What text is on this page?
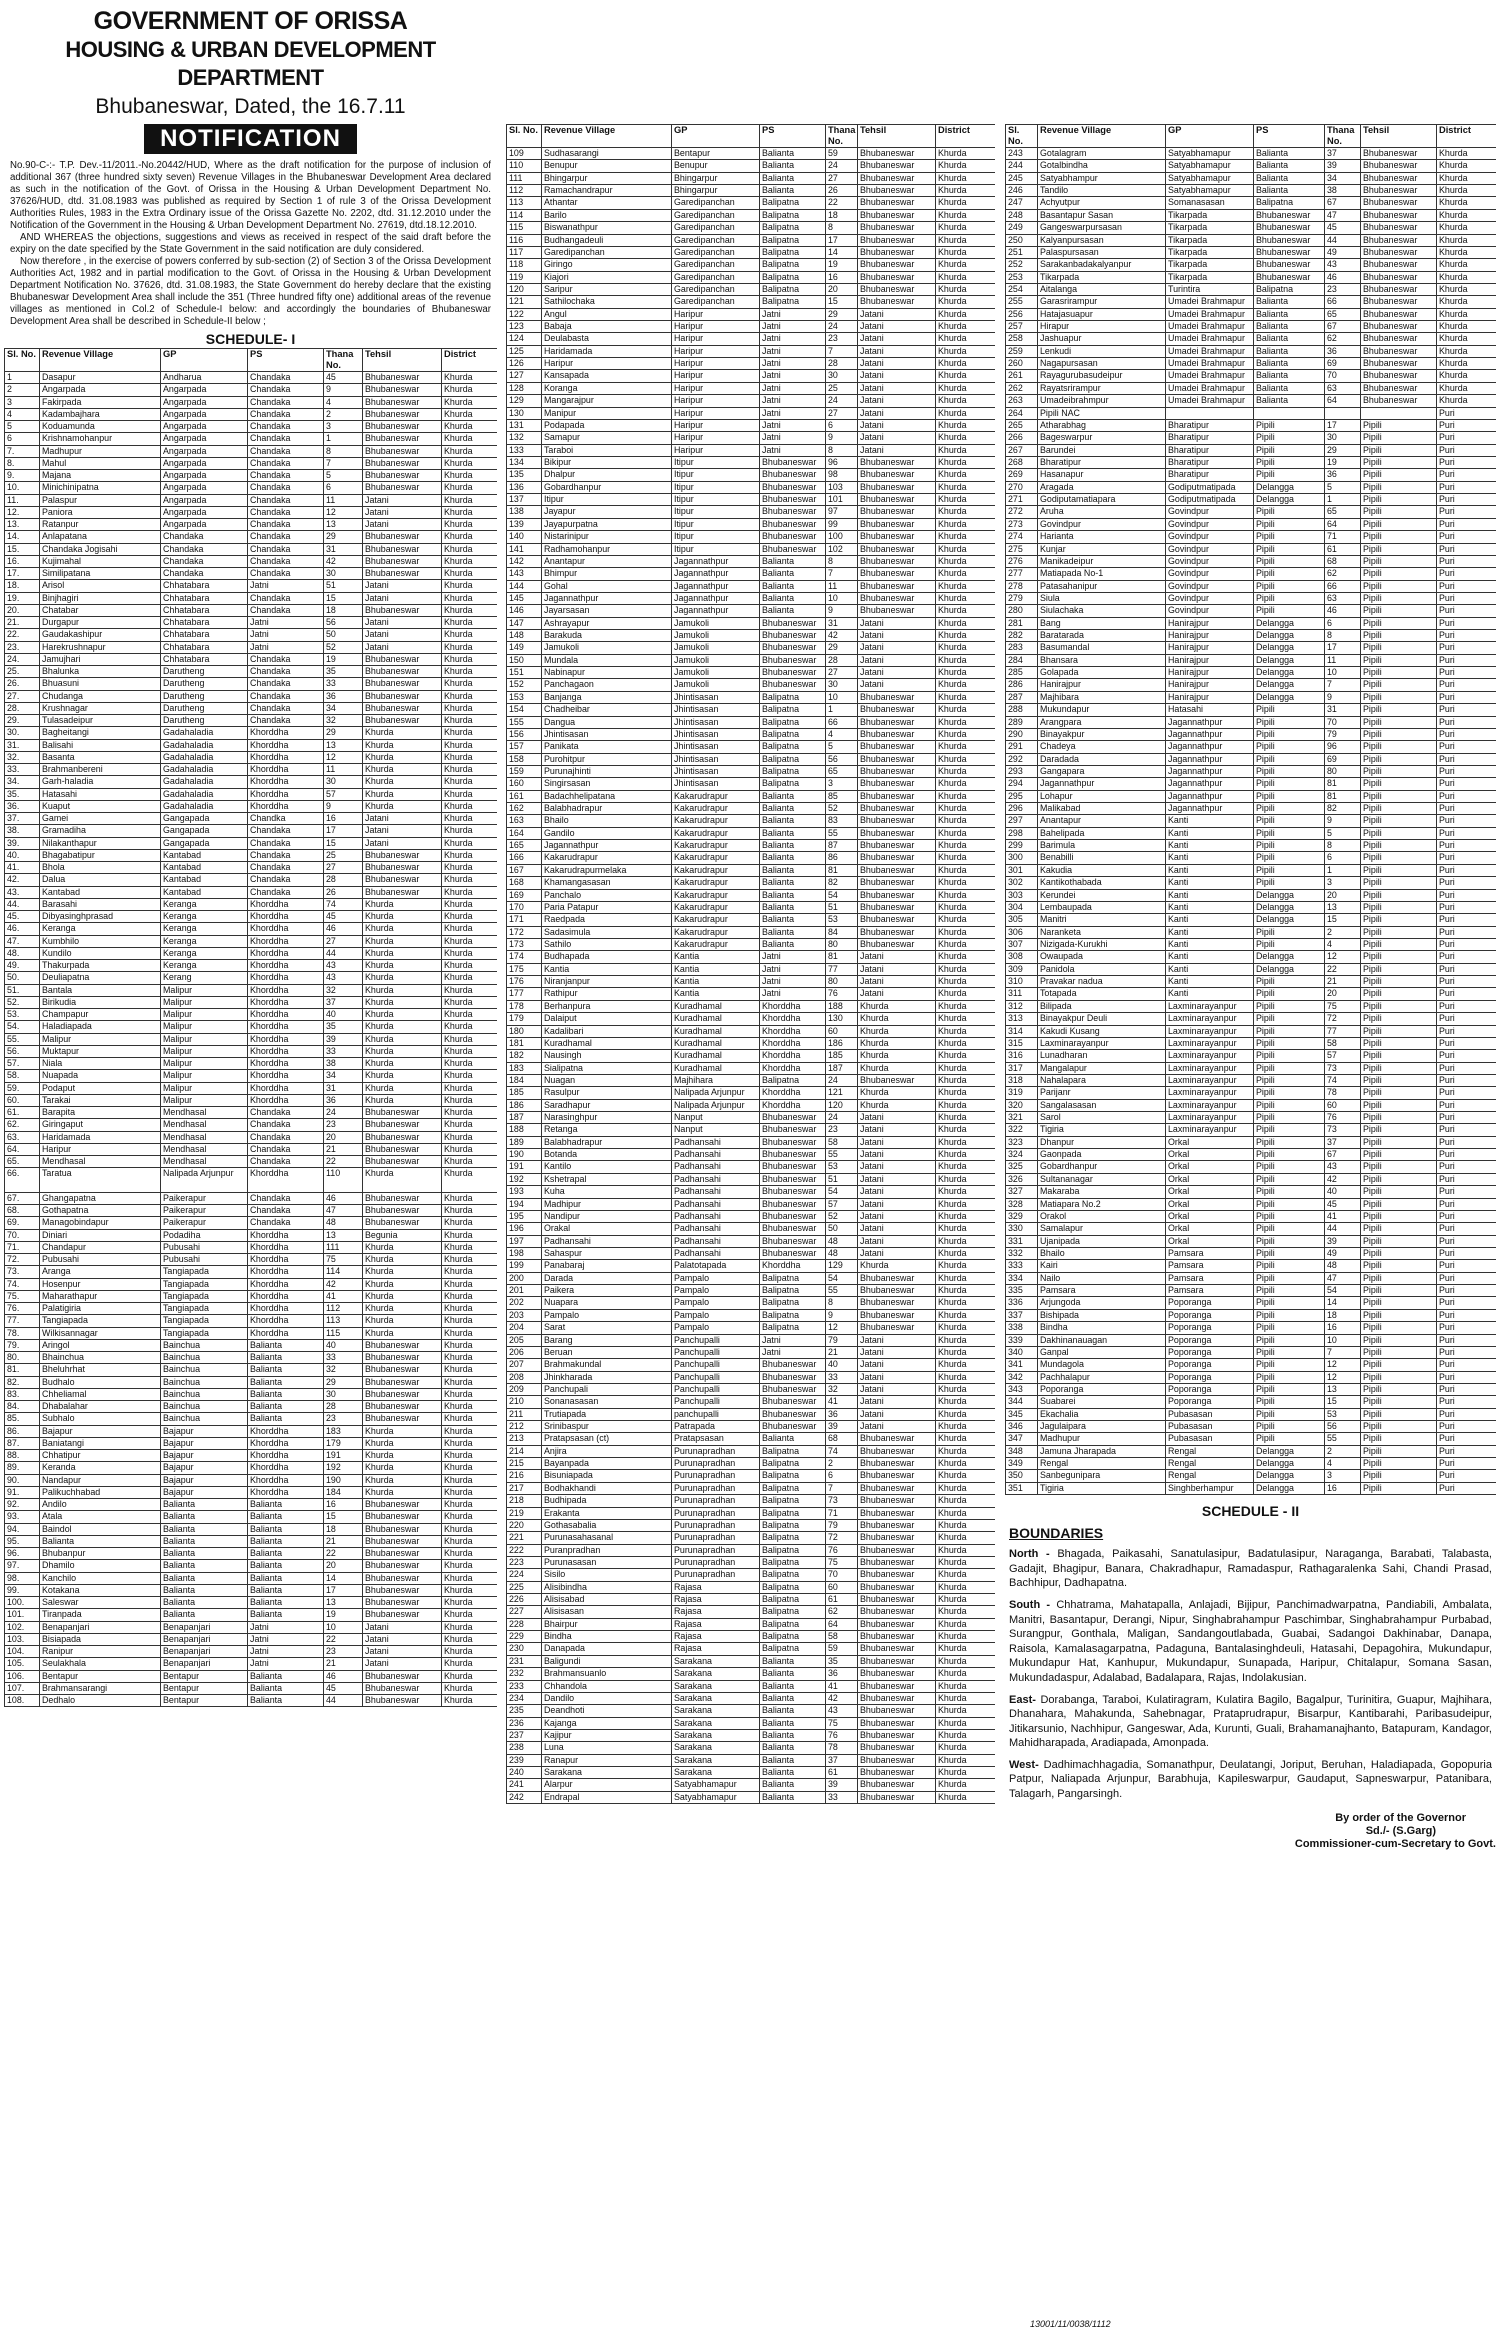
GOVERNMENT OF ORISSA
HOUSING & URBAN DEVELOPMENT DEPARTMENT
Bhubaneswar, Dated, the 16.7.11
NOTIFICATION

No.90-C-:- T.P. Dev.-11/2011.-No.20442/HUD, Where as the draft notification for the purpose of inclusion of additional 367 (three hundred sixty seven) Revenue Villages in the Bhubaneswar Development Area declared as such in the notification of the Govt. of Orissa in the Housing & Urban Development Department No. 37626/HUD, dtd. 31.08.1983 was published as required by Section 1 of rule 3 of the Orissa Development Authorities Rules, 1983 in the Extra Ordinary issue of the Orissa Gazette No. 2202, dtd. 31.12.2010 under the Notification of the Government in the Housing & Urban Development Department No. 27619, dtd.18.12.2010.

AND WHEREAS the objections, suggestions and views as received in respect of the said draft before the expiry on the date specified by the State Government in the said notification are duly considered.

Now therefore , in the exercise of powers conferred by sub-section (2) of Section 3 of the Orissa Development Authorities Act, 1982 and in partial modification to the Govt. of Orissa in the Housing & Urban Development Department Notification No. 37626, dtd. 31.08.1983, the State Government do hereby declare that the existing Bhubaneswar Development Area shall include the 351 (Three hundred fifty one) additional areas of the revenue villages as mentioned in Col.2 of Schedule-I below: and accordingly the boundaries of Bhubaneswar Development Area shall be described in Schedule-II below ;

SCHEDULE- I
Sl. No.	Revenue Village	GP	PS	Thana No.	Tehsil	District
1	Dasapur	Andharua	Chandaka	45	Bhubaneswar	Khurda
2	Angarpada	Angarpada	Chandaka	9	Bhubaneswar	Khurda
3	Fakirpada	Angarpada	Chandaka	4	Bhubaneswar	Khurda
4	Kadambajhara	Angarpada	Chandaka	2	Bhubaneswar	Khurda
5	Koduamunda	Angarpada	Chandaka	3	Bhubaneswar	Khurda
6	Krishnamohanpur	Angarpada	Chandaka	1	Bhubaneswar	Khurda
7.	Madhupur	Angarpada	Chandaka	8	Bhubaneswar	Khurda
8.	Mahul	Angarpada	Chandaka	7	Bhubaneswar	Khurda
9.	Majana	Angarpada	Chandaka	5	Bhubaneswar	Khurda
10.	Minichinipatna	Angarpada	Chandaka	6	Bhubaneswar	Khurda
11.	Palaspur	Angarpada	Chandaka	11	Jatani	Khurda
12.	Paniora	Angarpada	Chandaka	12	Jatani	Khurda
13.	Ratanpur	Angarpada	Chandaka	13	Jatani	Khurda
14.	Anlapatana	Chandaka	Chandaka	29	Bhubaneswar	Khurda
15.	Chandaka Jogisahi	Chandaka	Chandaka	31	Bhubaneswar	Khurda
16.	Kujimahal	Chandaka	Chandaka	42	Bhubaneswar	Khurda
17.	Similipatana	Chandaka	Chandaka	30	Bhubaneswar	Khurda
18.	Arisol	Chhatabara	Jatni	51	Jatani	Khurda
19.	Binjhagiri	Chhatabara	Chandaka	15	Jatani	Khurda
20.	Chatabar	Chhatabara	Chandaka	18	Bhubaneswar	Khurda
21.	Durgapur	Chhatabara	Jatni	56	Jatani	Khurda
22.	Gaudakashipur	Chhatabara	Jatni	50	Jatani	Khurda
23.	Harekrushnapur	Chhatabara	Jatni	52	Jatani	Khurda
24.	Jamujhari	Chhatabara	Chandaka	19	Bhubaneswar	Khurda
25.	Bhalunka	Darutheng	Chandaka	35	Bhubaneswar	Khurda
26.	Bhuasuni	Darutheng	Chandaka	33	Bhubaneswar	Khurda
27.	Chudanga	Darutheng	Chandaka	36	Bhubaneswar	Khurda
28.	Krushnagar	Darutheng	Chandaka	34	Bhubaneswar	Khurda
29.	Tulasadeipur	Darutheng	Chandaka	32	Bhubaneswar	Khurda
30.	Bagheitangi	Gadahaladia	Khorddha	29	Khurda	Khurda
31.	Balisahi	Gadahaladia	Khorddha	13	Khurda	Khurda
32.	Basanta	Gadahaladia	Khorddha	12	Khurda	Khurda
33.	Brahmanbereni	Gadahaladia	Khorddha	11	Khurda	Khurda
34.	Garh-haladia	Gadahaladia	Khorddha	30	Khurda	Khurda
35.	Hatasahi	Gadahaladia	Khorddha	57	Khurda	Khurda
36.	Kuaput	Gadahaladia	Khorddha	9	Khurda	Khurda
37.	Gamei	Gangapada	Chandka	16	Jatani	Khurda
38.	Gramadiha	Gangapada	Chandaka	17	Jatani	Khurda
39.	Nilakanthapur	Gangapada	Chandaka	15	Jatani	Khurda
40.	Bhagabatipur	Kantabad	Chandaka	25	Bhubaneswar	Khurda
41.	Bhola	Kantabad	Chandaka	27	Bhubaneswar	Khurda
42.	Dalua	Kantabad	Chandaka	28	Bhubaneswar	Khurda
43.	Kantabad	Kantabad	Chandaka	26	Bhubaneswar	Khurda
44.	Barasahi	Keranga	Khorddha	74	Khurda	Khurda
45.	Dibyasinghprasad	Keranga	Khorddha	45	Khurda	Khurda
46.	Keranga	Keranga	Khorddha	46	Khurda	Khurda
47.	Kumbhilo	Keranga	Khorddha	27	Khurda	Khurda
48.	Kundilo	Keranga	Khorddha	44	Khurda	Khurda
49.	Thakurpada	Keranga	Khorddha	43	Khurda	Khurda
50.	Deuliapatna	Kerang	Khorddha	43	Khurda	Khurda
51.	Bantala	Malipur	Khorddha	32	Khurda	Khurda
52.	Birikudia	Malipur	Khorddha	37	Khurda	Khurda
53.	Champapur	Malipur	Khorddha	40	Khurda	Khurda
54.	Haladiapada	Malipur	Khorddha	35	Khurda	Khurda
55.	Malipur	Malipur	Khorddha	39	Khurda	Khurda
56.	Muktapur	Malipur	Khorddha	33	Khurda	Khurda
57.	Niala	Malipur	Khorddha	38	Khurda	Khurda
58.	Nuapada	Malipur	Khorddha	34	Khurda	Khurda
59.	Podaput	Malipur	Khorddha	31	Khurda	Khurda
60.	Tarakai	Malipur	Khorddha	36	Khurda	Khurda
61.	Barapita	Mendhasal	Chandaka	24	Bhubaneswar	Khurda
62.	Giringaput	Mendhasal	Chandaka	23	Bhubaneswar	Khurda
63.	Haridamada	Mendhasal	Chandaka	20	Bhubaneswar	Khurda
64.	Haripur	Mendhasal	Chandaka	21	Bhubaneswar	Khurda
65.	Mendhasal	Mendhasal	Chandaka	22	Bhubaneswar	Khurda
66.	Taratua	Nalipada Arjunpur	Khorddha	110	Khurda	Khurda
67.	Ghangapatna	Paikerapur	Chandaka	46	Bhubaneswar	Khurda
68.	Gothapatna	Paikerapur	Chandaka	47	Bhubaneswar	Khurda
69.	Managobindapur	Paikerapur	Chandaka	48	Bhubaneswar	Khurda
70.	Diniari	Podadiha	Khorddha	13	Begunia	Khurda
71.	Chandapur	Pubusahi	Khorddha	111	Khurda	Khurda
72.	Pubusahi	Pubusahi	Khorddha	75	Khurda	Khurda
73.	Aranga	Tangiapada	Khorddha	114	Khurda	Khurda
74.	Hosenpur	Tangiapada	Khorddha	42	Khurda	Khurda
75.	Maharathapur	Tangiapada	Khorddha	41	Khurda	Khurda
76.	Palatigiria	Tangiapada	Khorddha	112	Khurda	Khurda
77.	Tangiapada	Tangiapada	Khorddha	113	Khurda	Khurda
78.	Wilkisannagar	Tangiapada	Khorddha	115	Khurda	Khurda
79.	Aringol	Bainchua	Balianta	40	Bhubaneswar	Khurda
80.	Bhainchua	Bainchua	Balianta	33	Bhubaneswar	Khurda
81.	Bheluhrhat	Bainchua	Balianta	32	Bhubaneswar	Khurda
82.	Budhalo	Bainchua	Balianta	29	Bhubaneswar	Khurda
83.	Chheliamal	Bainchua	Balianta	30	Bhubaneswar	Khurda
84.	Dhabalahar	Bainchua	Balianta	28	Bhubaneswar	Khurda
85.	Subhalo	Bainchua	Balianta	23	Bhubaneswar	Khurda
86.	Bajapur	Bajapur	Khorddha	183	Khurda	Khurda
87.	Baniatangi	Bajapur	Khorddha	179	Khurda	Khurda
88.	Chhatipur	Bajapur	Khorddha	191	Khurda	Khurda
89.	Keranda	Bajapur	Khorddha	192	Khurda	Khurda
90.	Nandapur	Bajapur	Khorddha	190	Khurda	Khurda
91.	Palikuchhabad	Bajapur	Khorddha	184	Khurda	Khurda
92.	Andilo	Balianta	Balianta	16	Bhubaneswar	Khurda
93.	Atala	Balianta	Balianta	15	Bhubaneswar	Khurda
94.	Baindol	Balianta	Balianta	18	Bhubaneswar	Khurda
95.	Balianta	Balianta	Balianta	21	Bhubaneswar	Khurda
96.	Bhubanpur	Balianta	Balianta	22	Bhubaneswar	Khurda
97.	Dhamilo	Balianta	Balianta	20	Bhubaneswar	Khurda
98.	Kanchilo	Balianta	Balianta	14	Bhubaneswar	Khurda
99.	Kotakana	Balianta	Balianta	17	Bhubaneswar	Khurda
100.	Saleswar	Balianta	Balianta	13	Bhubaneswar	Khurda
101.	Tiranpada	Balianta	Balianta	19	Bhubaneswar	Khurda
102.	Benapanjari	Benapanjari	Jatni	10	Jatani	Khurda
103.	Bisiapada	Benapanjari	Jatni	22	Jatani	Khurda
104.	Ranipur	Benapanjari	Jatni	23	Jatani	Khurda
105.	Seulakhala	Benapanjari	Jatni	21	Jatani	Khurda
106.	Bentapur	Bentapur	Balianta	46	Bhubaneswar	Khurda
107.	Brahmansarangi	Bentapur	Balianta	45	Bhubaneswar	Khurda
108.	Dedhalo	Bentapur	Balianta	44	Bhubaneswar	Khurda
Sl. No.	Revenue Village	GP	PS	Thana No.	Tehsil	District
109	Sudhasarangi	Bentapur	Balianta	59	Bhubaneswar	Khurda
110	Benupur	Benupur	Balianta	24	Bhubaneswar	Khurda
111	Bhingarpur	Bhingarpur	Balianta	27	Bhubaneswar	Khurda
112	Ramachandrapur	Bhingarpur	Balianta	26	Bhubaneswar	Khurda
113	Athantar	Garedipanchan	Balipatna	22	Bhubaneswar	Khurda
114	Barilo	Garedipanchan	Balipatna	18	Bhubaneswar	Khurda
115	Biswanathpur	Garedipanchan	Balipatna	8	Bhubaneswar	Khurda
116	Budhangadeuli	Garedipanchan	Balipatna	17	Bhubaneswar	Khurda
117	Garedipanchan	Garedipanchan	Balipatna	14	Bhubaneswar	Khurda
118	Giringo	Garedipanchan	Balipatna	19	Bhubaneswar	Khurda
119	Kiajori	Garedipanchan	Balipatna	16	Bhubaneswar	Khurda
120	Saripur	Garedipanchan	Balipatna	20	Bhubaneswar	Khurda
121	Sathilochaka	Garedipanchan	Balipatna	15	Bhubaneswar	Khurda
122	Angul	Haripur	Jatni	29	Jatani	Khurda
123	Babaja	Haripur	Jatni	24	Jatani	Khurda
124	Deulabasta	Haripur	Jatni	23	Jatani	Khurda
125	Haridamada	Haripur	Jatni	7	Jatani	Khurda
126	Haripur	Haripur	Jatni	28	Jatani	Khurda
127	Kansapada	Haripur	Jatni	30	Jatani	Khurda
128	Koranga	Haripur	Jatni	25	Jatani	Khurda
129	Mangarajpur	Haripur	Jatni	24	Jatani	Khurda
130	Manipur	Haripur	Jatni	27	Jatani	Khurda
131	Podapada	Haripur	Jatni	6	Jatani	Khurda
132	Samapur	Haripur	Jatni	9	Jatani	Khurda
133	Taraboi	Haripur	Jatni	8	Jatani	Khurda
134	Bikipur	Itipur	Bhubaneswar	96	Bhubaneswar	Khurda
135	Dhalpur	Itipur	Bhubaneswar	98	Bhubaneswar	Khurda
136	Gobardhanpur	Itipur	Bhubaneswar	103	Bhubaneswar	Khurda
137	Itipur	Itipur	Bhubaneswar	101	Bhubaneswar	Khurda
138	Jayapur	Itipur	Bhubaneswar	97	Bhubaneswar	Khurda
139	Jayapurpatna	Itipur	Bhubaneswar	99	Bhubaneswar	Khurda
140	Nistarinipur	Itipur	Bhubaneswar	100	Bhubaneswar	Khurda
141	Radhamohanpur	Itipur	Bhubaneswar	102	Bhubaneswar	Khurda
142	Anantapur	Jagannathpur	Balianta	8	Bhubaneswar	Khurda
143	Bhimpur	Jagannathpur	Balianta	7	Bhubaneswar	Khurda
144	Gohal	Jagannathpur	Balianta	11	Bhubaneswar	Khurda
145	Jagannathpur	Jagannathpur	Balianta	10	Bhubaneswar	Khurda
146	Jayarsasan	Jagannathpur	Balianta	9	Bhubaneswar	Khurda
147	Ashrayapur	Jamukoli	Bhubaneswar	31	Jatani	Khurda
148	Barakuda	Jamukoli	Bhubaneswar	42	Jatani	Khurda
149	Jamukoli	Jamukoli	Bhubaneswar	29	Jatani	Khurda
150	Mundala	Jamukoli	Bhubaneswar	28	Jatani	Khurda
151	Nabinapur	Jamukoli	Bhubaneswar	27	Jatani	Khurda
152	Panchagaon	Jamukoli	Bhubaneswar	30	Jatani	Khurda
153	Banjanga	Jhintisasan	Balipatna	10	Bhubaneswar	Khurda
154	Chadheibar	Jhintisasan	Balipatna	1	Bhubaneswar	Khurda
155	Dangua	Jhintisasan	Balipatna	66	Bhubaneswar	Khurda
156	Jhintisasan	Jhintisasan	Balipatna	4	Bhubaneswar	Khurda
157	Panikata	Jhintisasan	Balipatna	5	Bhubaneswar	Khurda
158	Purohitpur	Jhintisasan	Balipatna	56	Bhubaneswar	Khurda
159	Purunajhinti	Jhintisasan	Balipatna	65	Bhubaneswar	Khurda
160	Singirsasan	Jhintisasan	Balipatna	3	Bhubaneswar	Khurda
161	Badachhelipatana	Kakarudrapur	Balianta	85	Bhubaneswar	Khurda
162	Balabhadrapur	Kakarudrapur	Balianta	52	Bhubaneswar	Khurda
163	Bhailo	Kakarudrapur	Balianta	83	Bhubaneswar	Khurda
164	Gandilo	Kakarudrapur	Balianta	55	Bhubaneswar	Khurda
165	Jagannathpur	Kakarudrapur	Balianta	87	Bhubaneswar	Khurda
166	Kakarudrapur	Kakarudrapur	Balianta	86	Bhubaneswar	Khurda
167	Kakarudrapurmelaka	Kakarudrapur	Balianta	81	Bhubaneswar	Khurda
168	Khamangasasan	Kakarudrapur	Balianta	82	Bhubaneswar	Khurda
169	Panchalo	Kakarudrapur	Balianta	54	Bhubaneswar	Khurda
170	Paria Patapur	Kakarudrapur	Balianta	51	Bhubaneswar	Khurda
171	Raedpada	Kakarudrapur	Balianta	53	Bhubaneswar	Khurda
172	Sadasimula	Kakarudrapur	Balianta	84	Bhubaneswar	Khurda
173	Sathilo	Kakarudrapur	Balianta	80	Bhubaneswar	Khurda
174	Budhapada	Kantia	Jatni	81	Jatani	Khurda
175	Kantia	Kantia	Jatni	77	Jatani	Khurda
176	Niranjanpur	Kantia	Jatni	80	Jatani	Khurda
177	Rathipur	Kantia	Jatni	76	Jatani	Khurda
178	Berhanpura	Kuradhamal	Khorddha	188	Khurda	Khurda
179	Dalaiput	Kuradhamal	Khorddha	130	Khurda	Khurda
180	Kadalibari	Kuradhamal	Khorddha	60	Khurda	Khurda
181	Kuradhamal	Kuradhamal	Khorddha	186	Khurda	Khurda
182	Nausingh	Kuradhamal	Khorddha	185	Khurda	Khurda
183	Sialipatna	Kuradhamal	Khorddha	187	Khurda	Khurda
184	Nuagan	Majhihara	Balipatna	24	Bhubaneswar	Khurda
185	Rasulpur	Nalipada Arjunpur	Khorddha	121	Khurda	Khurda
186	Saradhapur	Nalipada Arjunpur	Khorddha	120	Khurda	Khurda
187	Narasinghpur	Nanput	Bhubaneswar	24	Jatani	Khurda
188	Retanga	Nanput	Bhubaneswar	23	Jatani	Khurda
189	Balabhadrapur	Padhansahi	Bhubaneswar	58	Jatani	Khurda
190	Botanda	Padhansahi	Bhubaneswar	55	Jatani	Khurda
191	Kantilo	Padhansahi	Bhubaneswar	53	Jatani	Khurda
192	Kshetrapal	Padhansahi	Bhubaneswar	51	Jatani	Khurda
193	Kuha	Padhansahi	Bhubaneswar	54	Jatani	Khurda
194	Madhipur	Padhansahi	Bhubaneswar	57	Jatani	Khurda
195	Nandipur	Padhansahi	Bhubaneswar	52	Jatani	Khurda
196	Orakal	Padhansahi	Bhubaneswar	50	Jatani	Khurda
197	Padhansahi	Padhansahi	Bhubaneswar	48	Jatani	Khurda
198	Sahaspur	Padhansahi	Bhubaneswar	48	Jatani	Khurda
199	Panabaraj	Palatotapada	Khorddha	129	Khurda	Khurda
200	Darada	Pampalo	Balipatna	54	Bhubaneswar	Khurda
201	Paikera	Pampalo	Balipatna	55	Bhubaneswar	Khurda
202	Nuapara	Pampalo	Balipatna	8	Bhubaneswar	Khurda
203	Pampalo	Pampalo	Balipatna	9	Bhubaneswar	Khurda
204	Sarat	Pampalo	Balipatna	12	Bhubaneswar	Khurda
205	Barang	Panchupalli	Jatni	79	Jatani	Khurda
206	Beruan	Panchupalli	Jatni	21	Jatani	Khurda
207	Brahmakundal	Panchupalli	Bhubaneswar	40	Jatani	Khurda
208	Jhinkharada	Panchupalli	Bhubaneswar	33	Jatani	Khurda
209	Panchupali	Panchupalli	Bhubaneswar	32	Jatani	Khurda
210	Sonanasasan	Panchupalli	Bhubaneswar	41	Jatani	Khurda
211	Trutiapada	panchupalli	Bhubaneswar	36	Jatani	Khurda
212	Srinibaspur	Patrapada	Bhubaneswar	39	Jatani	Khurda
213	Pratapsasan (ct)	Pratapsasan	Balianta	68	Bhubaneswar	Khurda
214	Anjira	Purunapradhan	Balipatna	74	Bhubaneswar	Khurda
215	Bayanpada	Purunapradhan	Balipatna	2	Bhubaneswar	Khurda
216	Bisuniapada	Purunapradhan	Balipatna	6	Bhubaneswar	Khurda
217	Bodhakhandi	Purunapradhan	Balipatna	7	Bhubaneswar	Khurda
218	Budhipada	Purunapradhan	Balipatna	73	Bhubaneswar	Khurda
219	Erakanta	Purunapradhan	Balipatna	71	Bhubaneswar	Khurda
220	Gothasabalia	Purunapradhan	Balipatna	79	Bhubaneswar	Khurda
221	Purunasahasanal	Purunapradhan	Balipatna	72	Bhubaneswar	Khurda
222	Puranpradhan	Purunapradhan	Balipatna	76	Bhubaneswar	Khurda
223	Purunasasan	Purunapradhan	Balipatna	75	Bhubaneswar	Khurda
224	Sisilo	Purunapradhan	Balipatna	70	Bhubaneswar	Khurda
225	Alisibindha	Rajasa	Balipatna	60	Bhubaneswar	Khurda
226	Alisisabad	Rajasa	Balipatna	61	Bhubaneswar	Khurda
227	Alisisasan	Rajasa	Balipatna	62	Bhubaneswar	Khurda
228	Bhairpur	Rajasa	Balipatna	64	Bhubaneswar	Khurda
229	Bindha	Rajasa	Balipatna	58	Bhubaneswar	Khurda
230	Danapada	Rajasa	Balipatna	59	Bhubaneswar	Khurda
231	Baligundi	Sarakana	Balianta	35	Bhubaneswar	Khurda
232	Brahmansuanlo	Sarakana	Balianta	36	Bhubaneswar	Khurda
233	Chhandola	Sarakana	Balianta	41	Bhubaneswar	Khurda
234	Dandilo	Sarakana	Balianta	42	Bhubaneswar	Khurda
235	Deandhoti	Sarakana	Balianta	43	Bhubaneswar	Khurda
236	Kajanga	Sarakana	Balianta	75	Bhubaneswar	Khurda
237	Kajipur	Sarakana	Balianta	76	Bhubaneswar	Khurda
238	Luna	Sarakana	Balianta	78	Bhubaneswar	Khurda
239	Ranapur	Sarakana	Balianta	37	Bhubaneswar	Khurda
240	Sarakana	Sarakana	Balianta	61	Bhubaneswar	Khurda
241	Alarpur	Satyabhamapur	Balianta	39	Bhubaneswar	Khurda
242	Endrapal	Satyabhamapur	Balianta	33	Bhubaneswar	Khurda
Sl. No.	Revenue Village	GP	PS	Thana No.	Tehsil	District
243	Gotalagram	Satyabhamapur	Balianta	37	Bhubaneswar	Khurda
244	Gotalbindha	Satyabhamapur	Balianta	39	Bhubaneswar	Khurda
245	Satyabhampur	Satyabhamapur	Balianta	34	Bhubaneswar	Khurda
246	Tandilo	Satyabhamapur	Balianta	38	Bhubaneswar	Khurda
247	Achyutpur	Somanasasan	Balipatna	67	Bhubaneswar	Khurda
248	Basantapur Sasan	Tikarpada	Bhubaneswar	47	Bhubaneswar	Khurda
249	Gangeswarpursasan	Tikarpada	Bhubaneswar	45	Bhubaneswar	Khurda
250	Kalyanpursasan	Tikarpada	Bhubaneswar	44	Bhubaneswar	Khurda
251	Palaspursasan	Tikarpada	Bhubaneswar	49	Bhubaneswar	Khurda
252	Sarakanbadakalyanpur	Tikarpada	Bhubaneswar	43	Bhubaneswar	Khurda
253	Tikarpada	Tikarpada	Bhubaneswar	46	Bhubaneswar	Khurda
254	Aitalanga	Turintira	Balipatna	23	Bhubaneswar	Khurda
255	Garasrirampur	Umadei Brahmapur	Balianta	66	Bhubaneswar	Khurda
256	Hatajasuapur	Umadei Brahmapur	Balianta	65	Bhubaneswar	Khurda
257	Hirapur	Umadei Brahmapur	Balianta	67	Bhubaneswar	Khurda
258	Jashuapur	Umadei Brahmapur	Balianta	62	Bhubaneswar	Khurda
259	Lenkudi	Umadei Brahmapur	Balianta	36	Bhubaneswar	Khurda
260	Nagapursasan	Umadei Brahmapur	Balianta	69	Bhubaneswar	Khurda
261	Rayagurubasudeipur	Umadei Brahmapur	Balianta	70	Bhubaneswar	Khurda
262	Rayatsrirampur	Umadei Brahmapur	Balianta	63	Bhubaneswar	Khurda
263	Umadeibrahmpur	Umadei Brahmapur	Balianta	64	Bhubaneswar	Khurda
264	Pipili NAC					Puri
265	Atharabhag	Bharatipur	Pipili	17	Pipili	Puri
266	Bageswarpur	Bharatipur	Pipili	30	Pipili	Puri
267	Barundei	Bharatipur	Pipili	29	Pipili	Puri
268	Bharatipur	Bharatipur	Pipili	19	Pipili	Puri
269	Hasanapur	Bharatipur	Pipili	36	Pipili	Puri
270	Aragada	Godiputmatipada	Delangga	5	Pipili	Puri
271	Godiputamatiapara	Godiputmatipada	Delangga	1	Pipili	Puri
272	Aruha	Govindpur	Pipili	65	Pipili	Puri
273	Govindpur	Govindpur	Pipili	64	Pipili	Puri
274	Harianta	Govindpur	Pipili	71	Pipili	Puri
275	Kunjar	Govindpur	Pipili	61	Pipili	Puri
276	Manikadeipur	Govindpur	Pipili	68	Pipili	Puri
277	Matiapada No-1	Govindpur	Pipili	62	Pipili	Puri
278	Patasahanipur	Govindpur	Pipili	66	Pipili	Puri
279	Siula	Govindpur	Pipili	63	Pipili	Puri
280	Siulachaka	Govindpur	Pipili	46	Pipili	Puri
281	Bang	Hanirajpur	Delangga	6	Pipili	Puri
282	Baratarada	Hanirajpur	Delangga	8	Pipili	Puri
283	Basumandal	Hanirajpur	Delangga	17	Pipili	Puri
284	Bhansara	Hanirajpur	Delangga	11	Pipili	Puri
285	Golapada	Hanirajpur	Delangga	10	Pipili	Puri
286	Hanirajpur	Hanirajpur	Delangga	7	Pipili	Puri
287	Majhibara	Hanirajpur	Delangga	9	Pipili	Puri
288	Mukundapur	Hatasahi	Pipili	31	Pipili	Puri
289	Arangpara	Jagannathpur	Pipili	70	Pipili	Puri
290	Binayakpur	Jagannathpur	Pipili	79	Pipili	Puri
291	Chadeya	Jagannathpur	Pipili	96	Pipili	Puri
292	Daradada	Jagannathpur	Pipili	69	Pipili	Puri
293	Gangapara	Jagannathpur	Pipili	80	Pipili	Puri
294	Jagannathpur	Jagannathpur	Pipili	81	Pipili	Puri
295	Lohapur	Jagannathpur	Pipili	81	Pipili	Puri
296	Malikabad	Jagannathpur	Pipili	82	Pipili	Puri
297	Anantapur	Kanti	Pipili	9	Pipili	Puri
298	Bahelipada	Kanti	Pipili	5	Pipili	Puri
299	Barimula	Kanti	Pipili	8	Pipili	Puri
300	Benabilli	Kanti	Pipili	6	Pipili	Puri
301	Kakudia	Kanti	Pipili	1	Pipili	Puri
302	Kantikothabada	Kanti	Pipili	3	Pipili	Puri
303	Kerundei	Kanti	Delangga	20	Pipili	Puri
304	Lembaupada	Kanti	Delangga	13	Pipili	Puri
305	Manitri	Kanti	Delangga	15	Pipili	Puri
306	Naranketa	Kanti	Pipili	2	Pipili	Puri
307	Nizigada-Kurukhi	Kanti	Pipili	4	Pipili	Puri
308	Owaupada	Kanti	Delangga	12	Pipili	Puri
309	Panidola	Kanti	Delangga	22	Pipili	Puri
310	Pravakar nadua	Kanti	Pipili	21	Pipili	Puri
311	Totapada	Kanti	Pipili	20	Pipili	Puri
312	Bilipada	Laxminarayanpur	Pipili	75	Pipili	Puri
313	Binayakpur Deuli	Laxminarayanpur	Pipili	72	Pipili	Puri
314	Kakudi Kusang	Laxminarayanpur	Pipili	77	Pipili	Puri
315	Laxminarayanpur	Laxminarayanpur	Pipili	58	Pipili	Puri
316	Lunadharan	Laxminarayanpur	Pipili	57	Pipili	Puri
317	Mangalapur	Laxminarayanpur	Pipili	73	Pipili	Puri
318	Nahalapara	Laxminarayanpur	Pipili	74	Pipili	Puri
319	Parijanr	Laxminarayanpur	Pipili	78	Pipili	Puri
320	Sangalasasan	Laxminarayanpur	Pipili	60	Pipili	Puri
321	Sarol	Laxminarayanpur	Pipili	76	Pipili	Puri
322	Tigiria	Laxminarayanpur	Pipili	73	Pipili	Puri
323	Dhanpur	Orkal	Pipili	37	Pipili	Puri
324	Gaonpada	Orkal	Pipili	67	Pipili	Puri
325	Gobardhanpur	Orkal	Pipili	43	Pipili	Puri
326	Sultananagar	Orkal	Pipili	42	Pipili	Puri
327	Makaraba	Orkal	Pipili	40	Pipili	Puri
328	Matiapara No.2	Orkal	Pipili	45	Pipili	Puri
329	Orakol	Orkal	Pipili	41	Pipili	Puri
330	Samalapur	Orkal	Pipili	44	Pipili	Puri
331	Ujanipada	Orkal	Pipili	39	Pipili	Puri
332	Bhailo	Pamsara	Pipili	49	Pipili	Puri
333	Kairi	Pamsara	Pipili	48	Pipili	Puri
334	Nailo	Pamsara	Pipili	47	Pipili	Puri
335	Pamsara	Pamsara	Pipili	54	Pipili	Puri
336	Arjungoda	Poporanga	Pipili	14	Pipili	Puri
337	Bishipada	Poporanga	Pipili	18	Pipili	Puri
338	Bindha	Poporanga	Pipili	16	Pipili	Puri
339	Dakhinanauagan	Poporanga	Pipili	10	Pipili	Puri
340	Ganpal	Poporanga	Pipili	7	Pipili	Puri
341	Mundagola	Poporanga	Pipili	12	Pipili	Puri
342	Pachhalapur	Poporanga	Pipili	12	Pipili	Puri
343	Poporanga	Poporanga	Pipili	13	Pipili	Puri
344	Suabarei	Poporanga	Pipili	15	Pipili	Puri
345	Ekachalia	Pubasasan	Pipili	53	Pipili	Puri
346	Jagulaipara	Pubasasan	Pipili	56	Pipili	Puri
347	Madhupur	Pubasasan	Pipili	55	Pipili	Puri
348	Jamuna Jharapada	Rengal	Delangga	2	Pipili	Puri
349	Rengal	Rengal	Delangga	4	Pipili	Puri
350	Sanbegunipara	Rengal	Delangga	3	Pipili	Puri
351	Tigiria	Singhberhampur	Delangga	16	Pipili	Puri
SCHEDULE - II
BOUNDARIES

North - Bhagada, Paikasahi, Sanatulasipur, Badatulasipur, Naraganga, Barabati, Talabasta, Gadajit, Bhagipur, Banara, Chakradhapur, Ramadaspur, Rathagaralenka Sahi, Chandi Prasad, Bachhipur, Dadhapatna.

South - Chhatrama, Mahatapalla, Anlajadi, Bijipur, Panchimadwarpatna, Pandiabili, Ambalata, Manitri, Basantapur, Derangi, Nipur, Singhabrahampur Paschimbar, Singhabrahampur Purbabad, Surangpur, Gonthala, Maligan, Sandangoutlabada, Guabai, Sadangoi Dakhinabar, Danapa, Raisola, Kamalasagarpatna, Padaguna, Bantalasinghdeuli, Hatasahi, Depagohira, Mukundapur, Mukundapur Hat, Kanhupur, Mukundapur, Sunapada, Haripur, Chitalapur, Somana Sasan, Mukundadaspur, Adalabad, Badalapara, Rajas, Indolakusian.

East- Dorabanga, Taraboi, Kulatiragram, Kulatira Bagilo, Bagalpur, Turinitira, Guapur, Majhihara, Dhanahara, Mahakunda, Sahebnagar, Prataprudrapur, Bisarpur, Kantibarahi, Paribasudeipur, Jitikarsunio, Nachhipur, Gangeswar, Ada, Kurunti, Guali, Brahamanajhanto, Batapuram, Kandagor, Mahidharapada, Aradiapada, Amonpada.

West- Dadhimachhagadia, Somanathpur, Deulatangi, Joriput, Beruhan, Haladiapada, Gopopuria Patpur, Naliapada Arjunpur, Barabhuja, Kapileswarpur, Gaudaput, Sapneswarpur, Patanibara, Talagarh, Pangarsingh.

By order of the Governor
Sd./- (S.Garg)
Commissioner-cum-Secretary to Govt.
13001/11/0038/1112
